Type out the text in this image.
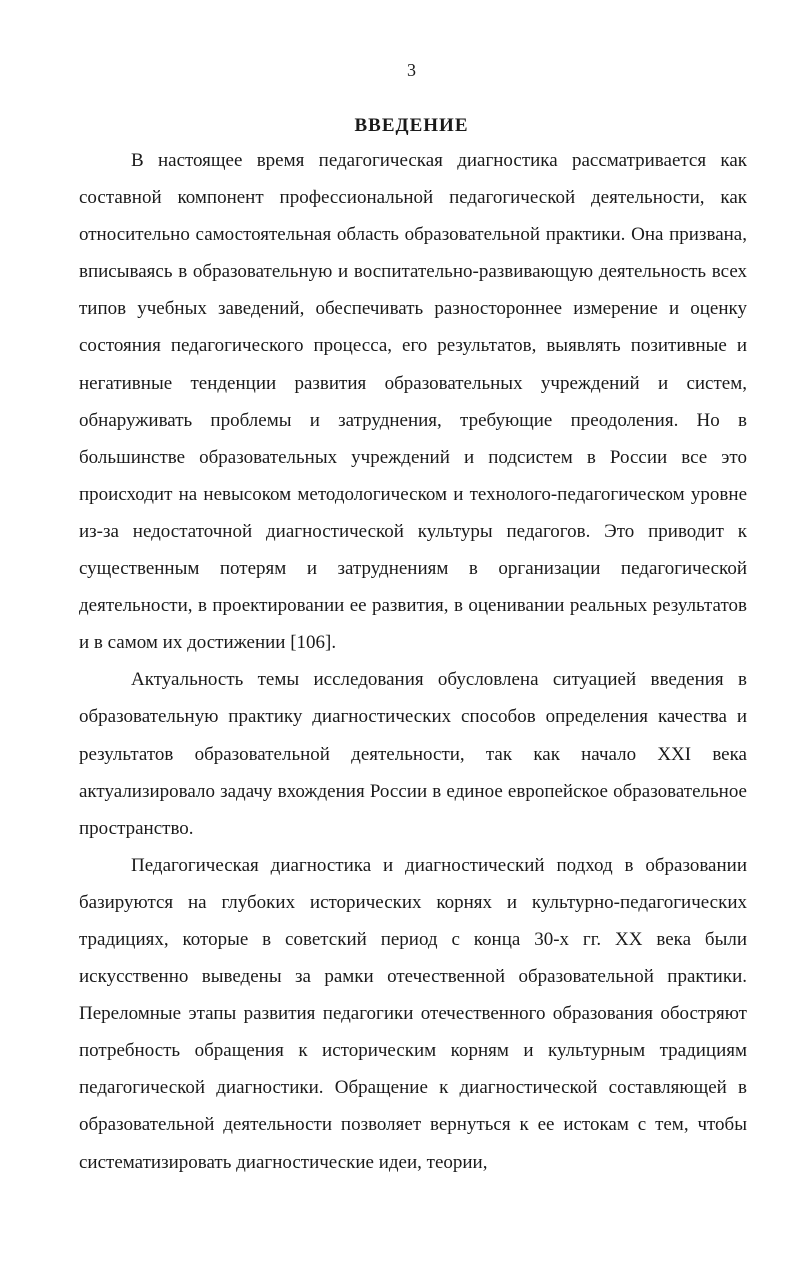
3
ВВЕДЕНИЕ

В настоящее время педагогическая диагностика рассматривается как составной компонент профессиональной педагогической деятельности, как относительно самостоятельная область образовательной практики. Она призвана, вписываясь в образовательную и воспитательно-развивающую деятельность всех типов учебных заведений, обеспечивать разностороннее измерение и оценку состояния педагогического процесса, его результатов, выявлять позитивные и негативные тенденции развития образовательных учреждений и систем, обнаруживать проблемы и затруднения, требующие преодоления. Но в большинстве образовательных учреждений и подсистем в России все это происходит на невысоком методологическом и технолого-педагогическом уровне из-за недостаточной диагностической культуры педагогов. Это приводит к существенным потерям и затруднениям в организации педагогической деятельности, в проектировании ее развития, в оценивании реальных результатов и в самом их достижении [106].

Актуальность темы исследования обусловлена ситуацией введения в образовательную практику диагностических способов определения качества и результатов образовательной деятельности, так как начало XXI века актуализировало задачу вхождения России в единое европейское образовательное пространство.

Педагогическая диагностика и диагностический подход в образовании базируются на глубоких исторических корнях и культурно-педагогических традициях, которые в советский период с конца 30-х гг. XX века были искусственно выведены за рамки отечественной образовательной практики. Переломные этапы развития педагогики отечественного образования обостряют потребность обращения к историческим корням и культурным традициям педагогической диагностики. Обращение к диагностической составляющей в образовательной деятельности позволяет вернуться к ее истокам с тем, чтобы систематизировать диагностические идеи, теории,
